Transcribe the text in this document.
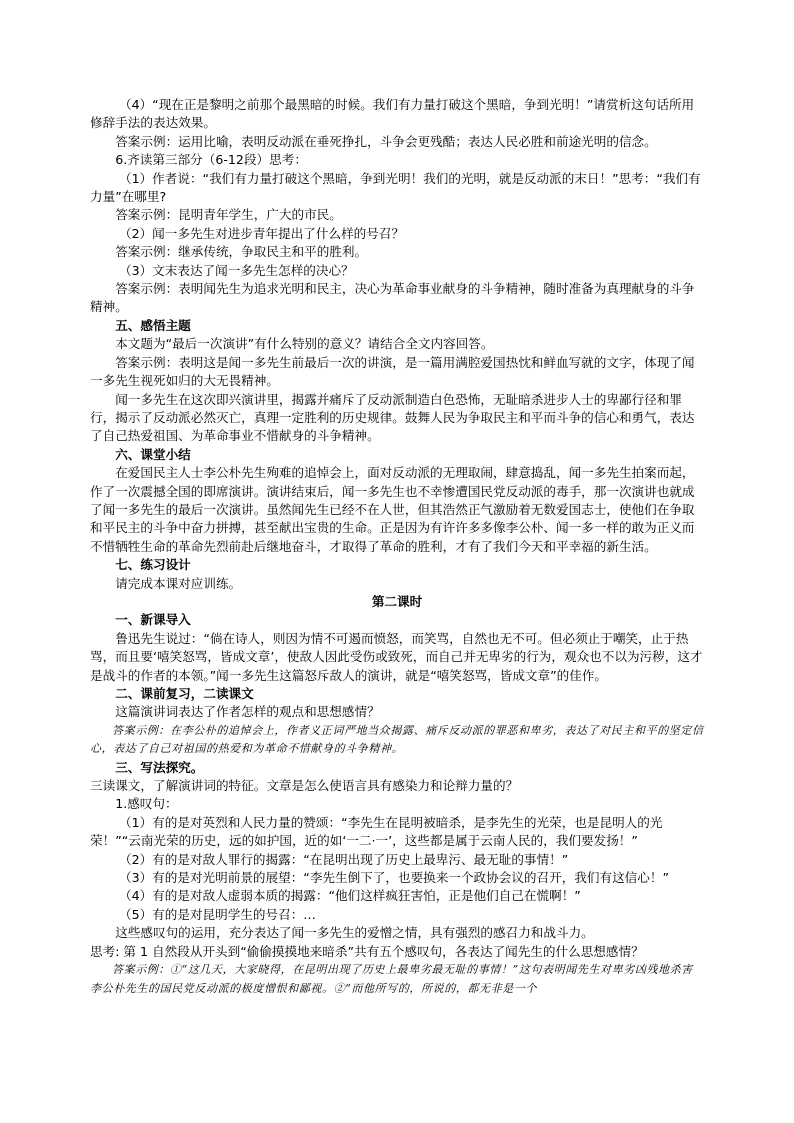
（4）“现在正是黎明之前那个最黑暗的时候。我们有力量打破这个黑暗，争到光明！”请赏析这句话所用修辞手法的表达效果。

答案示例：运用比喻，表明反动派在垂死挣扎，斗争会更残酷；表达人民必胜和前途光明的信念。

6.齐读第三部分（6-12段）思考：

（1）作者说：“我们有力量打破这个黑暗，争到光明！我们的光明，就是反动派的末日！”思考：“我们有力量”在哪里?

答案示例：昆明青年学生，广大的市民。

（2）闻一多先生对进步青年提出了什么样的号召？

答案示例：继承传统，争取民主和平的胜利。

（3）文末表达了闻一多先生怎样的决心？

答案示例：表明闻先生为追求光明和民主，决心为革命事业献身的斗争精神，随时准备为真理献身的斗争精神。

五、感悟主题

本文题为“最后一次演讲”有什么特别的意义？请结合全文内容回答。

答案示例：表明这是闻一多先生前最后一次的讲演，是一篇用满腔爱国热忱和鲜血写就的文字，体现了闻一多先生视死如归的大无畏精神。

闻一多先生在这次即兴演讲里，揭露并痛斥了反动派制造白色恐怖，无耻暗杀进步人士的卑鄙行径和罪行，揭示了反动派必然灭亡，真理一定胜利的历史规律。鼓舞人民为争取民主和平而斗争的信心和勇气，表达了自己热爱祖国、为革命事业不惜献身的斗争精神。

六、课堂小结

在爱国民主人士李公朴先生殉难的追悼会上，面对反动派的无理取闹，肆意捣乱，闻一多先生拍案而起，作了一次震撼全国的即席演讲。演讲结束后，闻一多先生也不幸惨遭国民党反动派的毒手，那一次演讲也就成了闻一多先生的最后一次演讲。虽然闻先生已经不在人世，但其浩然正气激励着无数爱国志士，使他们在争取和平民主的斗争中奋力拼搏，甚至献出宝贵的生命。正是因为有许许多多像李公朴、闻一多一样的敢为正义而不惜牺牲生命的革命先烈前赴后继地奋斗，才取得了革命的胜利，才有了我们今天和平幸福的新生活。

七、练习设计

请完成本课对应训练。

第二课时

一、新课导入

鲁迅先生说过：“倘在诗人，则因为情不可遏而愤怒，而笑骂，自然也无不可。但必须止于嘲笑，止于热骂，而且要‘嘻笑怒骂，皆成文章’，使敌人因此受伤或致死，而自己并无卑劣的行为，观众也不以为污秽，这才是战斗的作者的本领。”闻一多先生这篇怒斥敌人的演讲，就是“嘻笑怒骂，皆成文章”的佳作。

二、课前复习，二读课文

这篇演讲词表达了作者怎样的观点和思想感情？

答案示例：在李公朴的追悼会上，作者义正词严地当众揭露、痛斥反动派的罪恶和卑劣，表达了对民主和平的坚定信心，表达了自己对祖国的热爱和为革命不惜献身的斗争精神。

三、写法探究。

三读课文，了解演讲词的特征。文章是怎么使语言具有感染力和论辩力量的？

1.感叹句：

（1）有的是对英烈和人民力量的赞颂：“李先生在昆明被暗杀，是李先生的光荣，也是昆明人的光荣！”“云南光荣的历史，远的如护国，近的如‘一二·一’，这些都是属于云南人民的，我们要发扬！”

（2）有的是对敌人罪行的揭露：“在昆明出现了历史上最卑污、最无耻的事情！”

（3）有的是对光明前景的展望：“李先生倒下了，也要换来一个政协会议的召开，我们有这信心！”

（4）有的是对敌人虚弱本质的揭露：“他们这样疯狂害怕，正是他们自己在慌啊！”

（5）有的是对昆明学生的号召：…

这些感叹句的运用，充分表达了闻一多先生的爱憎之情，具有强烈的感召力和战斗力。

思考: 第 1 自然段从开头到“偷偷摸摸地来暗杀”共有五个感叹句，各表达了闻先生的什么思想感情？

答案示例：①“这几天，大家晓得，在昆明出现了历史上最卑劣最无耻的事情！”这句表明闻先生对卑劣凶残地杀害李公朴先生的国民党反动派的极度憎恨和鄙视。②“而他所写的，所说的，都无非是一个
